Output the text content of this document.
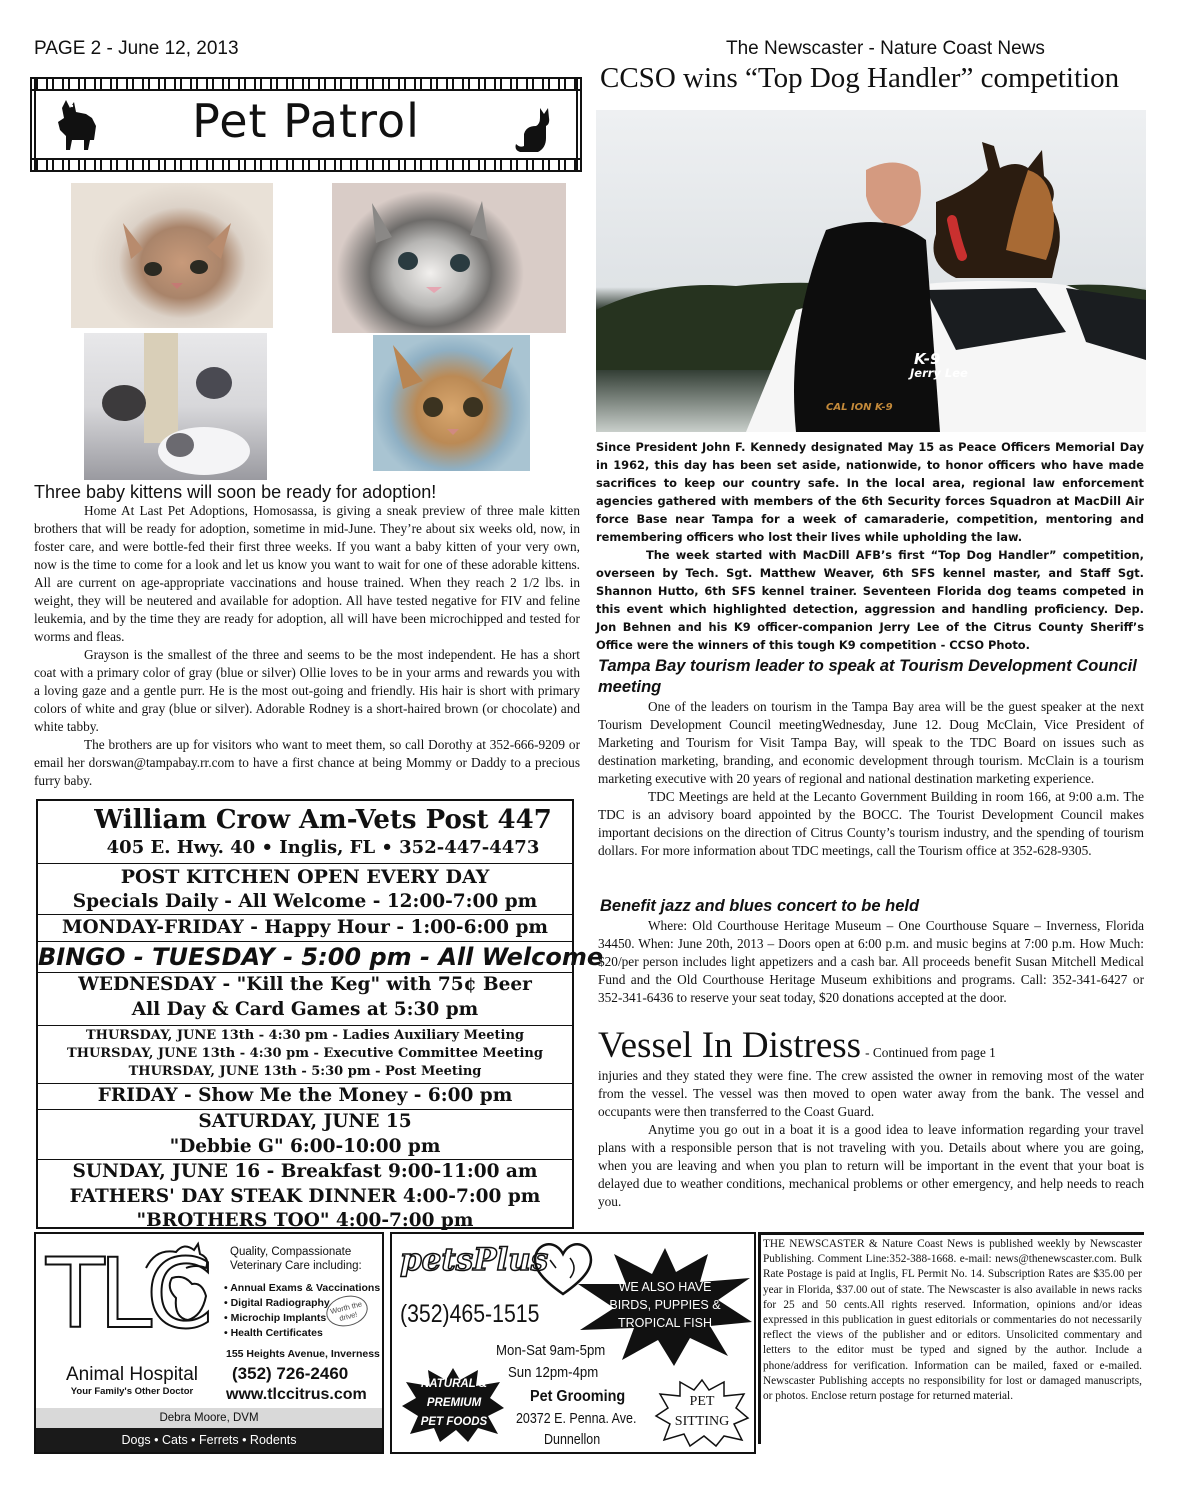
PAGE 2 - June 12, 2013	The Newscaster - Nature Coast News
Pet Patrol
Three baby kittens will soon be ready for adoption!

Home At Last Pet Adoptions, Homosassa, is giving a sneak preview of three male kitten brothers that will be ready for adoption, sometime in mid-June. They’re about six weeks old, now, in foster care, and were bottle-fed their first three weeks. If you want a baby kitten of your very own, now is the time to come for a look and let us know you want to wait for one of these adorable kittens. All are current on age-appropriate vaccinations and house trained. When they reach 2 1/2 lbs. in weight, they will be neutered and available for adoption. All have tested negative for FIV and feline leukemia, and by the time they are ready for adoption, all will have been microchipped and tested for worms and fleas.

Grayson is the smallest of the three and seems to be the most independent. He has a short coat with a primary color of gray (blue or silver) Ollie loves to be in your arms and rewards you with a loving gaze and a gentle purr. He is the most out-going and friendly. His hair is short with primary colors of white and gray (blue or silver). Adorable Rodney is a short-haired brown (or chocolate) and white tabby.

The brothers are up for visitors who want to meet them, so call Dorothy at 352-666-9209 or email her dorswan@tampabay.rr.com to have a first chance at being Mommy or Daddy to a precious furry baby.

William Crow Am-Vets Post 447
405 E. Hwy. 40 • Inglis, FL • 352-447-4473
POST KITCHEN OPEN EVERY DAY
Specials Daily - All Welcome - 12:00-7:00 pm
MONDAY-FRIDAY - Happy Hour - 1:00-6:00 pm
BINGO - TUESDAY - 5:00 pm - All Welcome
WEDNESDAY - "Kill the Keg" with 75¢ Beer
All Day & Card Games at 5:30 pm
THURSDAY, JUNE 13th - 4:30 pm - Ladies Auxiliary Meeting
THURSDAY, JUNE 13th - 4:30 pm - Executive Committee Meeting
THURSDAY, JUNE 13th - 5:30 pm - Post Meeting
FRIDAY - Show Me the Money - 6:00 pm
SATURDAY, JUNE 15
"Debbie G" 6:00-10:00 pm
SUNDAY, JUNE 16 - Breakfast 9:00-11:00 am
FATHERS' DAY STEAK DINNER 4:00-7:00 pm
"BROTHERS TOO" 4:00-7:00 pm
TLC
Animal Hospital
Your Family's Other Doctor
Quality, Compassionate
Veterinary Care including:
• Annual Exams & Vaccinations
• Digital Radiography
• Microchip Implants
• Health Certificates
Worth the drive!
155 Heights Avenue, Inverness
(352) 726-2460
www.tlccitrus.com
Debra Moore, DVM
Dogs • Cats • Ferrets • Rodents
petsPlus
(352)465-1515
WE ALSO HAVE
BIRDS, PUPPIES &
TROPICAL FISH
Mon-Sat 9am-5pm
Sun 12pm-4pm
NATURAL &
PREMIUM
PET FOODS
Pet Grooming
20372 E. Penna. Ave.
Dunnellon
PET
SITTING
CCSO wins “Top Dog Handler” competition
K-9
Jerry Lee
CAL ION K-9

Since President John F. Kennedy designated May 15 as Peace Officers Memorial Day in 1962, this day has been set aside, nationwide, to honor officers who have made sacrifices to keep our country safe. In the local area, regional law enforcement agencies gathered with members of the 6th Security forces Squadron at MacDill Air force Base near Tampa for a week of camaraderie, competition, mentoring and remembering officers who lost their lives while upholding the law.

The week started with MacDill AFB’s first “Top Dog Handler” competition, overseen by Tech. Sgt. Matthew Weaver, 6th SFS kennel master, and Staff Sgt. Shannon Hutto, 6th SFS kennel trainer. Seventeen Florida dog teams competed in this event which highlighted detection, aggression and handling proficiency. Dep. Jon Behnen and his K9 officer-companion Jerry Lee of the Citrus County Sheriff’s Office were the winners of this tough K9 competition - CCSO Photo.

Tampa Bay tourism leader to speak at Tourism Development Council meeting

One of the leaders on tourism in the Tampa Bay area will be the guest speaker at the next Tourism Development Council meetingWednesday, June 12. Doug McClain, Vice President of Marketing and Tourism for Visit Tampa Bay, will speak to the TDC Board on issues such as destination marketing, branding, and economic development through tourism. McClain is a tourism marketing executive with 20 years of regional and national destination marketing experience.

TDC Meetings are held at the Lecanto Government Building in room 166, at 9:00 a.m. The TDC is an advisory board appointed by the BOCC. The Tourist Development Council makes important decisions on the direction of Citrus County’s tourism industry, and the spending of tourism dollars. For more information about TDC meetings, call the Tourism office at 352-628-9305.

Benefit jazz and blues concert to be held

Where: Old Courthouse Heritage Museum – One Courthouse Square – Inverness, Florida 34450. When: June 20th, 2013 – Doors open at 6:00 p.m. and music begins at 7:00 p.m. How Much: $20/per person includes light appetizers and a cash bar. All proceeds benefit Susan Mitchell Medical Fund and the Old Courthouse Heritage Museum exhibitions and programs. Call: 352-341-6427 or 352-341-6436 to reserve your seat today, $20 donations accepted at the door.

Vessel In Distress - Continued from page 1

injuries and they stated they were fine. The crew assisted the owner in removing most of the water from the vessel. The vessel was then moved to open water away from the bank. The vessel and occupants were then transferred to the Coast Guard.

Anytime you go out in a boat it is a good idea to leave information regarding your travel plans with a responsible person that is not traveling with you. Details about where you are going, when you are leaving and when you plan to return will be important in the event that your boat is delayed due to weather conditions, mechanical problems or other emergency, and help needs to reach you.

THE NEWSCASTER & Nature Coast News is published weekly by Newscaster Publishing. Comment Line:352-388-1668. e-mail: news@thenewscaster.com. Bulk Rate Postage is paid at Inglis, FL Permit No. 14. Subscription Rates are $35.00 per year in Florida, $37.00 out of state. The Newscaster is also available in news racks for 25 and 50 cents.All rights reserved. Information, opinions and/or ideas expressed in this publication in guest editorials or commentaries do not necessarily reflect the views of the publisher and or editors. Unsolicited commentary and letters to the editor must be typed and signed by the author. Include a phone/address for verification. Information can be mailed, faxed or e-mailed. Newscaster Publishing accepts no responsibility for lost or damaged manuscripts, or photos. Enclose return postage for returned material.
